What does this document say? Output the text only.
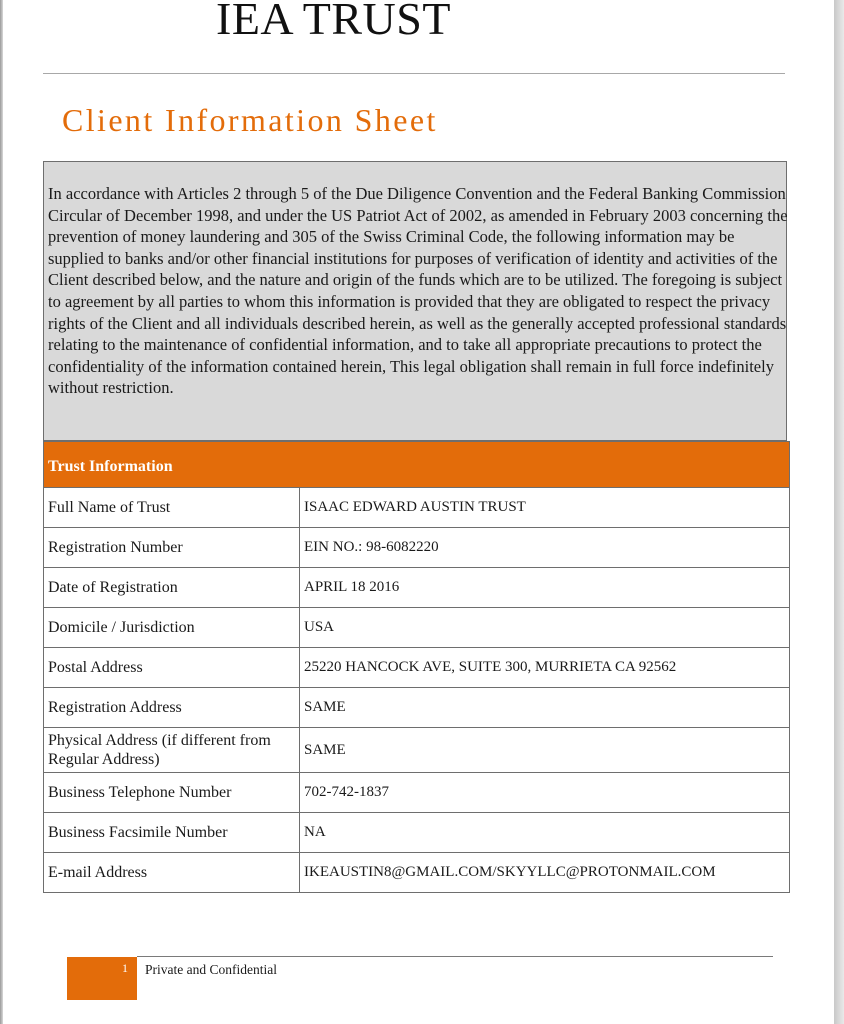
IEA TRUST
Client Information Sheet
In accordance with Articles 2 through 5 of the Due Diligence Convention and the Federal Banking Commission Circular of December 1998, and under the US Patriot Act of 2002, as amended in February 2003 concerning the prevention of money laundering and 305 of the Swiss Criminal Code, the following information may be supplied to banks and/or other financial institutions for purposes of verification of identity and activities of the Client described below, and the nature and origin of the funds which are to be utilized. The foregoing is subject to agreement by all parties to whom this information is provided that they are obligated to respect the privacy rights of the Client and all individuals described herein, as well as the generally accepted professional standards relating to the maintenance of confidential information, and to take all appropriate precautions to protect the confidentiality of the information contained herein, This legal obligation shall remain in full force indefinitely without restriction.
Trust Information	
Full Name of Trust	ISAAC EDWARD AUSTIN TRUST
Registration Number	EIN NO.: 98-6082220
Date of Registration	APRIL 18 2016
Domicile / Jurisdiction	USA
Postal Address	25220 HANCOCK AVE, SUITE 300, MURRIETA CA 92562
Registration Address	SAME
Physical Address (if different from Regular Address)	SAME
Business Telephone Number	702-742-1837
Business Facsimile Number	NA
E-mail Address	IKEAUSTIN8@GMAIL.COM/SKYYLLC@PROTONMAIL.COM
1 Private and Confidential
